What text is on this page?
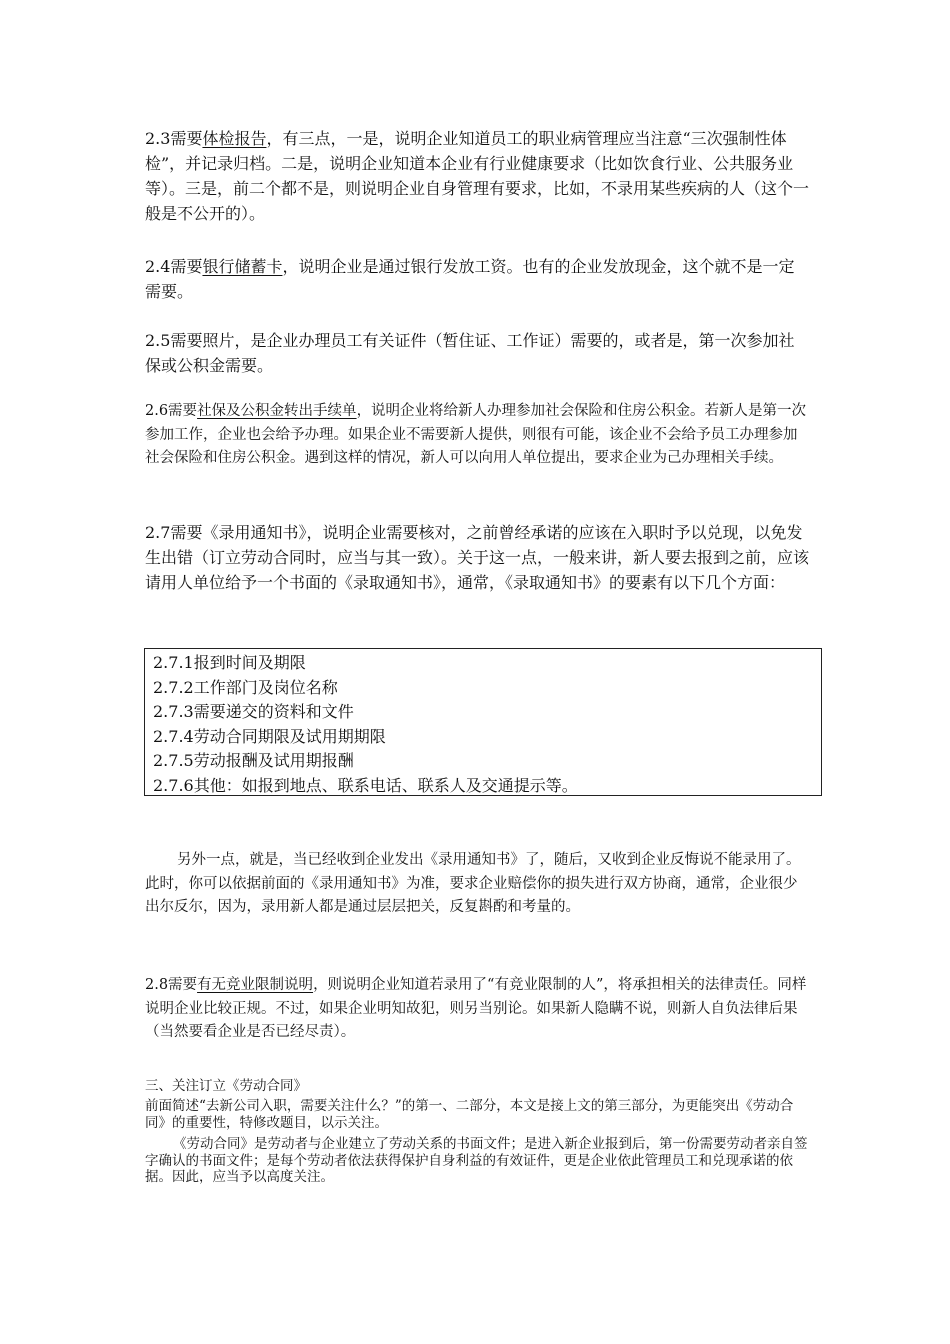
2.3需要体检报告，有三点，一是，说明企业知道员工的职业病管理应当注意“三次强制性体检”，并记录归档。二是，说明企业知道本企业有行业健康要求（比如饮食行业、公共服务业等）。三是，前二个都不是，则说明企业自身管理有要求，比如，不录用某些疾病的人（这个一般是不公开的）。

2.4需要银行储蓄卡，说明企业是通过银行发放工资。也有的企业发放现金，这个就不是一定需要。

2.5需要照片，是企业办理员工有关证件（暂住证、工作证）需要的，或者是，第一次参加社保或公积金需要。

2.6需要社保及公积金转出手续单，说明企业将给新人办理参加社会保险和住房公积金。若新人是第一次参加工作，企业也会给予办理。如果企业不需要新人提供，则很有可能，该企业不会给予员工办理参加社会保险和住房公积金。遇到这样的情况，新人可以向用人单位提出，要求企业为己办理相关手续。

2.7需要《录用通知书》，说明企业需要核对，之前曾经承诺的应该在入职时予以兑现，以免发生出错（订立劳动合同时，应当与其一致）。关于这一点，一般来讲，新人要去报到之前，应该请用人单位给予一个书面的《录取通知书》，通常，《录取通知书》的要素有以下几个方面：

2.7.1报到时间及期限
2.7.2工作部门及岗位名称
2.7.3需要递交的资料和文件
2.7.4劳动合同期限及试用期期限
2.7.5劳动报酬及试用期报酬
2.7.6其他：如报到地点、联系电话、联系人及交通提示等。

另外一点，就是，当已经收到企业发出《录用通知书》了，随后，又收到企业反悔说不能录用了。此时，你可以依据前面的《录用通知书》为准，要求企业赔偿你的损失进行双方协商，通常，企业很少出尔反尔，因为，录用新人都是通过层层把关，反复斟酌和考量的。

2.8需要有无竞业限制说明，则说明企业知道若录用了“有竞业限制的人”，将承担相关的法律责任。同样说明企业比较正规。不过，如果企业明知故犯，则另当别论。如果新人隐瞒不说，则新人自负法律后果（当然要看企业是否已经尽责）。

三、关注订立《劳动合同》

前面简述“去新公司入职，需要关注什么？”的第一、二部分，本文是接上文的第三部分，为更能突出《劳动合同》的重要性，特修改题目，以示关注。

《劳动合同》是劳动者与企业建立了劳动关系的书面文件；是进入新企业报到后，第一份需要劳动者亲自签字确认的书面文件；是每个劳动者依法获得保护自身利益的有效证件，更是企业依此管理员工和兑现承诺的依据。因此，应当予以高度关注。
